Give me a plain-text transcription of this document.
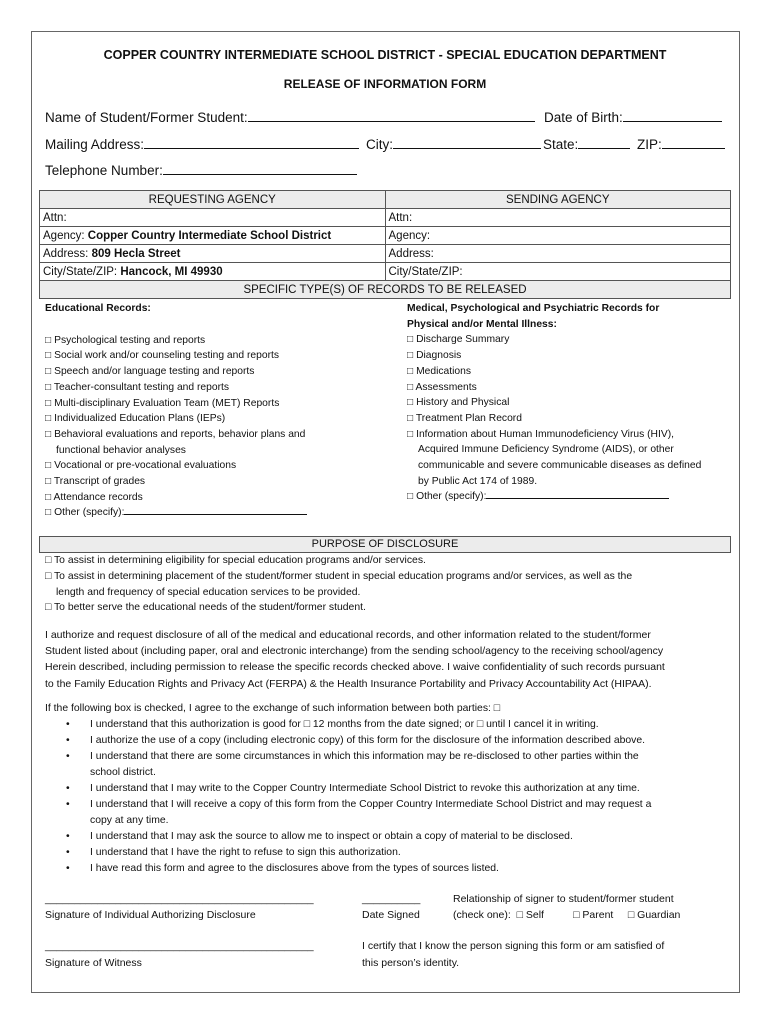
COPPER COUNTRY INTERMEDIATE SCHOOL DISTRICT - SPECIAL EDUCATION DEPARTMENT
RELEASE OF INFORMATION FORM
Name of Student/Former Student:	Date of Birth:
Mailing Address:	City:	State:	ZIP:
Telephone Number:
REQUESTING AGENCY	SENDING AGENCY
Attn:	Attn:
Agency: Copper Country Intermediate School District	Agency:
Address: 809 Hecla Street	Address:
City/State/ZIP: Hancock, MI 49930	City/State/ZIP:
SPECIFIC TYPE(S) OF RECORDS TO BE RELEASED	
Educational Records:
□ Psychological testing and reports
□ Social work and/or counseling testing and reports
□ Speech and/or language testing and reports
□ Teacher-consultant testing and reports
□ Multi-disciplinary Evaluation Team (MET) Reports
□ Individualized Education Plans (IEPs)
□ Behavioral evaluations and reports, behavior plans and
functional behavior analyses
□ Vocational or pre-vocational evaluations
□ Transcript of grades
□ Attendance records
□ Other (specify):
Medical, Psychological and Psychiatric Records for
Physical and/or Mental Illness:
□ Discharge Summary
□ Diagnosis
□ Medications
□ Assessments
□ History and Physical
□ Treatment Plan Record
□ Information about Human Immunodeficiency Virus (HIV),
Acquired Immune Deficiency Syndrome (AIDS), or other
communicable and severe communicable diseases as defined
by Public Act 174 of 1989.
□ Other (specify):
PURPOSE OF DISCLOSURE
□ To assist in determining eligibility for special education programs and/or services.
□ To assist in determining placement of the student/former student in special education programs and/or services, as well as the
length and frequency of special education services to be provided.
□ To better serve the educational needs of the student/former student.
I authorize and request disclosure of all of the medical and educational records, and other information related to the student/former
Student listed about (including paper, oral and electronic interchange) from the sending school/agency to the receiving school/agency
Herein described, including permission to release the specific records checked above. I waive confidentiality of such records pursuant
to the Family Education Rights and Privacy Act (FERPA) & the Health Insurance Portability and Privacy Accountability Act (HIPAA).
If the following box is checked, I agree to the exchange of such information between both parties: □
• I understand that this authorization is good for □ 12 months from the date signed; or □ until I cancel it in writing.
• I authorize the use of a copy (including electronic copy) of this form for the disclosure of the information described above.
• I understand that there are some circumstances in which this information may be re-disclosed to other parties within the
school district.
• I understand that I may write to the Copper Country Intermediate School District to revoke this authorization at any time.
• I understand that I will receive a copy of this form from the Copper Country Intermediate School District and may request a
copy at any time.
• I understand that I may ask the source to allow me to inspect or obtain a copy of material to be disclosed.
• I understand that I have the right to refuse to sign this authorization.
• I have read this form and agree to the disclosures above from the types of sources listed.
______________________________________________
Signature of Individual Authorizing Disclosure
__________
Date Signed
Relationship of signer to student/former student
(check one):  □ Self          □ Parent     □ Guardian
______________________________________________
Signature of Witness
I certify that I know the person signing this form or am satisfied of
this person’s identity.
